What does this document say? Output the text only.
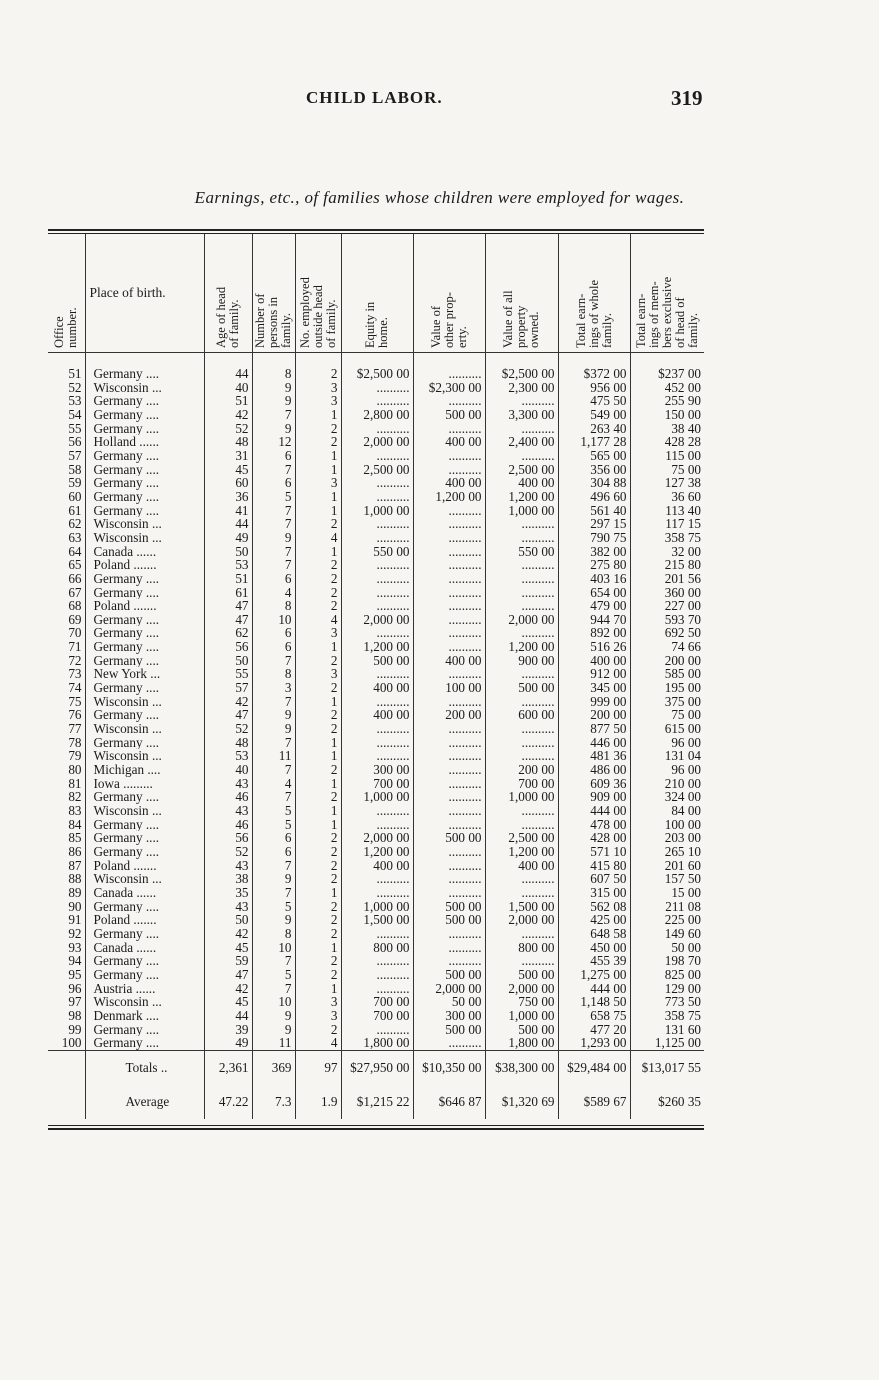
CHILD LABOR.	319
Earnings, etc., of families whose children were employed for wages.
Office
number.	Place of birth.	Age of head
of family.	Number of
persons in
family.	No. employed
outside head
of family.	Equity in
home.	Value of
other prop-
erty.	Value of all
property
owned.	Total earn-
ings of whole
family.	Total earn-
ings of mem-
bers exclusive
of head of
family.

51	Germany ....	44	8	2	$2,500 00	..........	$2,500 00	$372 00	$237 00
52	Wisconsin ...	40	9	3	..........	$2,300 00	2,300 00	956 00	452 00
53	Germany ....	51	9	3	..........	..........	..........	475 50	255 90
54	Germany ....	42	7	1	2,800 00	500 00	3,300 00	549 00	150 00
55	Germany ....	52	9	2	..........	..........	..........	263 40	38 40
56	Holland ......	48	12	2	2,000 00	400 00	2,400 00	1,177 28	428 28
57	Germany ....	31	6	1	..........	..........	..........	565 00	115 00
58	Germany ....	45	7	1	2,500 00	..........	2,500 00	356 00	75 00
59	Germany ....	60	6	3	..........	400 00	400 00	304 88	127 38
60	Germany ....	36	5	1	..........	1,200 00	1,200 00	496 60	36 60
61	Germany ....	41	7	1	1,000 00	..........	1,000 00	561 40	113 40
62	Wisconsin ...	44	7	2	..........	..........	..........	297 15	117 15
63	Wisconsin ...	49	9	4	..........	..........	..........	790 75	358 75
64	Canada ......	50	7	1	550 00	..........	550 00	382 00	32 00
65	Poland .......	53	7	2	..........	..........	..........	275 80	215 80
66	Germany ....	51	6	2	..........	..........	..........	403 16	201 56
67	Germany ....	61	4	2	..........	..........	..........	654 00	360 00
68	Poland .......	47	8	2	..........	..........	..........	479 00	227 00
69	Germany ....	47	10	4	2,000 00	..........	2,000 00	944 70	593 70
70	Germany ....	62	6	3	..........	..........	..........	892 00	692 50
71	Germany ....	56	6	1	1,200 00	..........	1,200 00	516 26	74 66
72	Germany ....	50	7	2	500 00	400 00	900 00	400 00	200 00
73	New York ...	55	8	3	..........	..........	..........	912 00	585 00
74	Germany ....	57	3	2	400 00	100 00	500 00	345 00	195 00
75	Wisconsin ...	42	7	1	..........	..........	..........	999 00	375 00
76	Germany ....	47	9	2	400 00	200 00	600 00	200 00	75 00
77	Wisconsin ...	52	9	2	..........	..........	..........	877 50	615 00
78	Germany ....	48	7	1	..........	..........	..........	446 00	96 00
79	Wisconsin ...	53	11	1	..........	..........	..........	481 36	131 04
80	Michigan ....	40	7	2	300 00	..........	200 00	486 00	96 00
81	Iowa .........	43	4	1	700 00	..........	700 00	609 36	210 00
82	Germany ....	46	7	2	1,000 00	..........	1,000 00	909 00	324 00
83	Wisconsin ...	43	5	1	..........	..........	..........	444 00	84 00
84	Germany ....	46	5	1	..........	..........	..........	478 00	100 00
85	Germany ....	56	6	2	2,000 00	500 00	2,500 00	428 00	203 00
86	Germany ....	52	6	2	1,200 00	..........	1,200 00	571 10	265 10
87	Poland .......	43	7	2	400 00	..........	400 00	415 80	201 60
88	Wisconsin ...	38	9	2	..........	..........	..........	607 50	157 50
89	Canada ......	35	7	1	..........	..........	..........	315 00	15 00
90	Germany ....	43	5	2	1,000 00	500 00	1,500 00	562 08	211 08
91	Poland .......	50	9	2	1,500 00	500 00	2,000 00	425 00	225 00
92	Germany ....	42	8	2	..........	..........	..........	648 58	149 60
93	Canada ......	45	10	1	800 00	..........	800 00	450 00	50 00
94	Germany ....	59	7	2	..........	..........	..........	455 39	198 70
95	Germany ....	47	5	2	..........	500 00	500 00	1,275 00	825 00
96	Austria ......	42	7	1	..........	2,000 00	2,000 00	444 00	129 00
97	Wisconsin ...	45	10	3	700 00	50 00	750 00	1,148 50	773 50
98	Denmark ....	44	9	3	700 00	300 00	1,000 00	658 75	358 75
99	Germany ....	39	9	2	..........	500 00	500 00	477 20	131 60
100	Germany ....	49	11	4	1,800 00	..........	1,800 00	1,293 00	1,125 00
	Totals ..	2,361	369	97	$27,950 00	$10,350 00	$38,300 00	$29,484 00	$13,017 55
	Average	47.22	7.3	1.9	$1,215 22	$646 87	$1,320 69	$589 67	$260 35
